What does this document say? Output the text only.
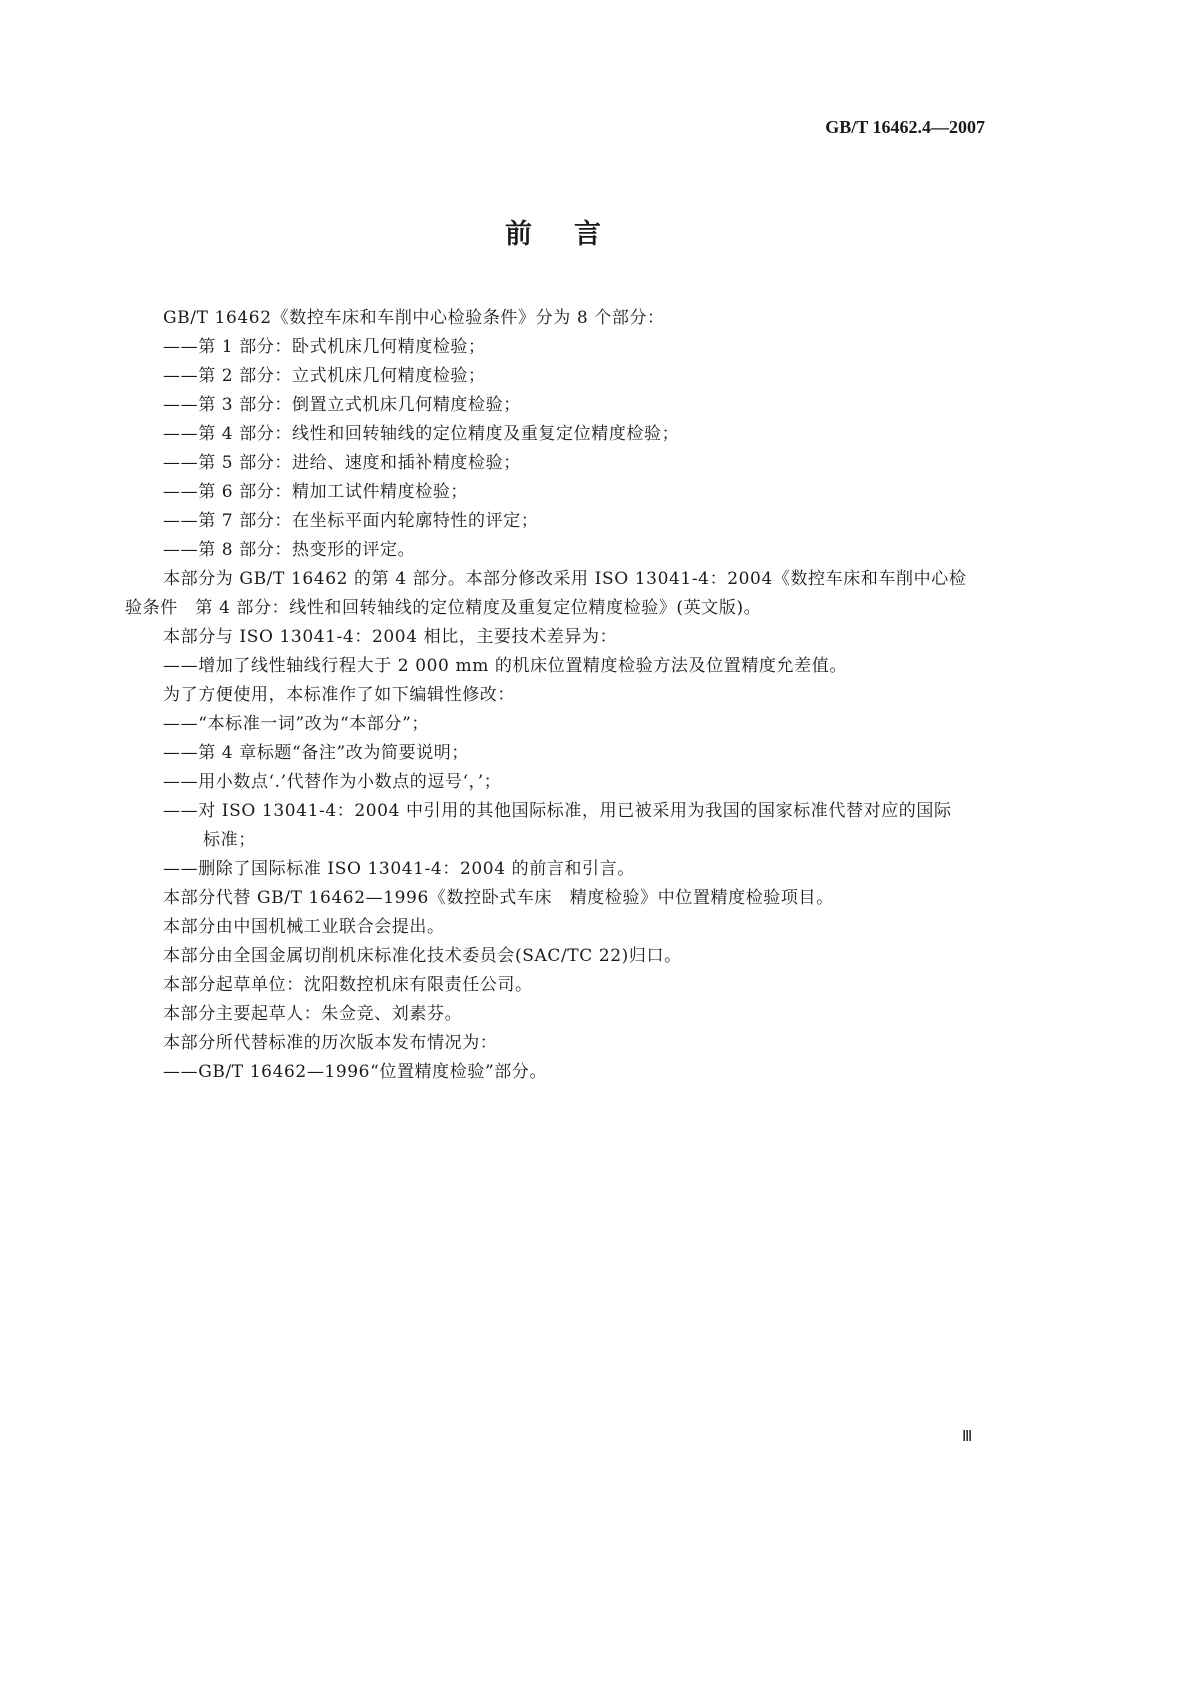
GB/T 16462.4—2007
前言
GB/T 16462《数控车床和车削中心检验条件》分为 8 个部分：
——第 1 部分：卧式机床几何精度检验；
——第 2 部分：立式机床几何精度检验；
——第 3 部分：倒置立式机床几何精度检验；
——第 4 部分：线性和回转轴线的定位精度及重复定位精度检验；
——第 5 部分：进给、速度和插补精度检验；
——第 6 部分：精加工试件精度检验；
——第 7 部分：在坐标平面内轮廓特性的评定；
——第 8 部分：热变形的评定。
本部分为 GB/T 16462 的第 4 部分。本部分修改采用 ISO 13041-4：2004《数控车床和车削中心检
验条件　第 4 部分：线性和回转轴线的定位精度及重复定位精度检验》(英文版)。
本部分与 ISO 13041-4：2004 相比，主要技术差异为：
——增加了线性轴线行程大于 2 000 mm 的机床位置精度检验方法及位置精度允差值。
为了方便使用，本标准作了如下编辑性修改：
——“本标准一词”改为“本部分”；
——第 4 章标题“备注”改为简要说明；
——用小数点‘.’代替作为小数点的逗号‘，’；
——对 ISO 13041-4：2004 中引用的其他国际标准，用已被采用为我国的国家标准代替对应的国际
标准；
——删除了国际标准 ISO 13041-4：2004 的前言和引言。
本部分代替 GB/T 16462—1996《数控卧式车床　精度检验》中位置精度检验项目。
本部分由中国机械工业联合会提出。
本部分由全国金属切削机床标准化技术委员会(SAC/TC 22)归口。
本部分起草单位：沈阳数控机床有限责任公司。
本部分主要起草人：朱佥竞、刘素芬。
本部分所代替标准的历次版本发布情况为：
——GB/T 16462—1996“位置精度检验”部分。
Ⅲ
